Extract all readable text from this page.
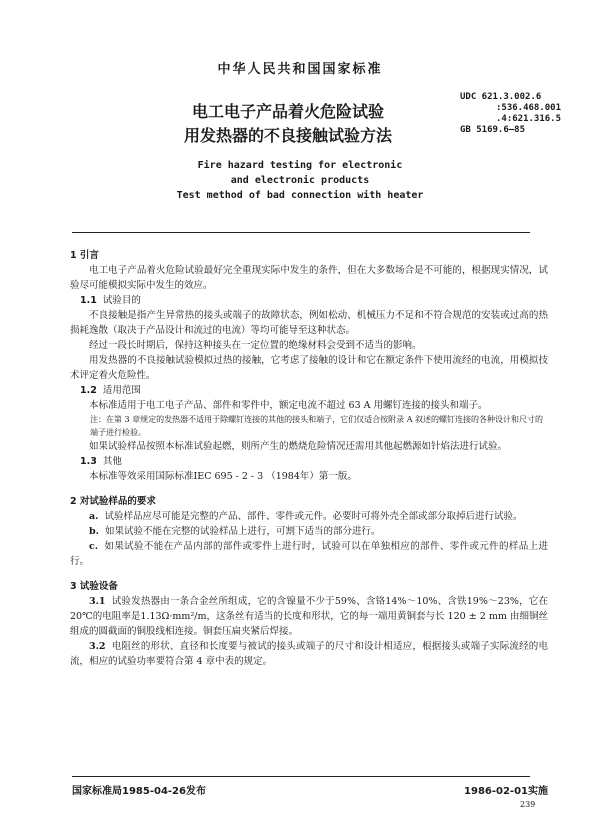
中华人民共和国国家标准
电工电子产品着火危险试验
用发热器的不良接触试验方法
UDC 621.3.002.6
:536.468.001
.4:621.316.5
GB 5169.6—85
Fire hazard testing for electronic
and electronic products
Test method of bad connection with heater
1 引言

电工电子产品着火危险试验最好完全重现实际中发生的条件，但在大多数场合是不可能的，根据现实情况，试验尽可能模拟实际中发生的效应。

1.1 试验目的

不良接触是指产生异常热的接头或端子的故障状态，例如松动、机械压力不足和不符合规范的安装或过高的热损耗逸散（取决于产品设计和流过的电流）等均可能导至这种状态。

经过一段长时期后，保持这种接头在一定位置的绝缘材料会受到不适当的影响。

用发热器的不良接触试验模拟过热的接触，它考虑了接触的设计和它在额定条件下使用流经的电流，用模拟技术评定着火危险性。

1.2 适用范围

本标准适用于电工电子产品、部件和零件中，额定电流不超过 63 A 用螺钉连接的接头和端子。

注：在第 3 章规定的发热器不适用于除螺钉连接的其他的接头和端子，它们仅适合按附录 A 叙述的螺钉连接的各种设计和尺寸的端子进行检验。

如果试验样品按照本标准试验起燃，则所产生的燃烧危险情况还需用其他起燃源如针焰法进行试验。

1.3 其他

本标准等效采用国际标准IEC 695 - 2 - 3 （1984年）第一版。

2 对试验样品的要求

a. 试验样品应尽可能是完整的产品、部件、零件或元件。必要时可将外壳全部或部分取掉后进行试验。

b. 如果试验不能在完整的试验样品上进行，可割下适当的部分进行。

c. 如果试验不能在产品内部的部件或零件上进行时，试验可以在单独相应的部件、零件或元件的样品上进行。

3 试验设备

3.1 试验发热器由一条合金丝所组成，它的含镍量不少于59%、含铬14%～10%、含铁19%～23%，它在20℃的电阻率是1.13Ω·mm²/m，这条丝有适当的长度和形状，它的每一端用黄铜套与长 120 ± 2 mm 由细铜丝组成的圆截面的铜股线相连接。铜套压扁夹紧后焊接。

3.2 电阻丝的形状、直径和长度要与被试的接头或端子的尺寸和设计相适应，根据接头或端子实际流经的电流，相应的试验功率要符合第 4 章中表的规定。

国家标准局1985-04-26发布	1986-02-01实施
239
